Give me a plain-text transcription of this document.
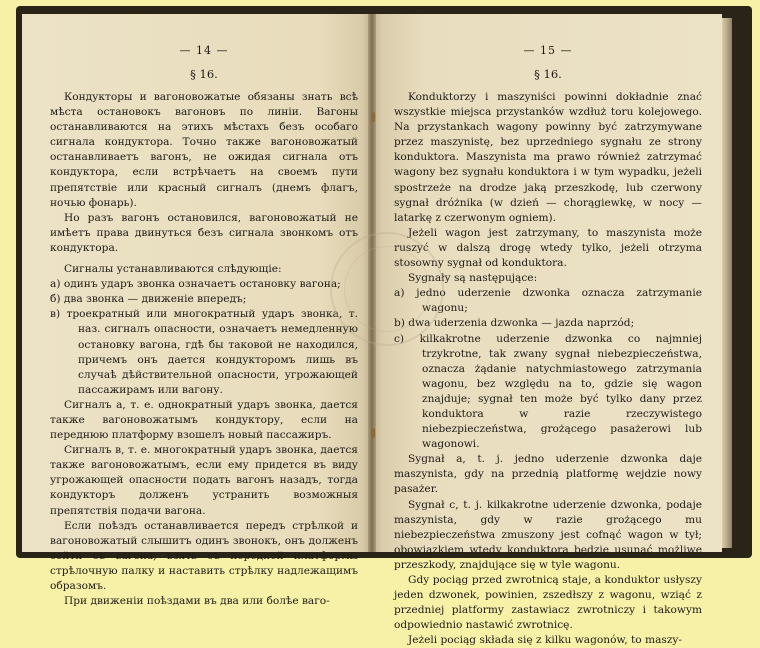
— 14 —
§ 16.

Кондукторы и вагоновожатые обязаны знать всѣ мѣста остановокъ вагоновъ по линіи. Вагоны останавливаются на этихъ мѣстахъ безъ особаго сигнала кондуктора. Точно также вагоновожатый останавливаетъ вагонъ, не ожидая сигнала отъ кондуктора, если встрѣчаетъ на своемъ пути препятствіе или красный сигналъ (днемъ флагъ, ночью фонарь).

Но разъ вагонъ остановился, вагоновожатый не имѣетъ права двинуться безъ сигнала звонкомъ отъ кондуктора.

Сигналы устанавливаются слѣдующіе:

а) одинъ ударъ звонка означаетъ остановку вагона;

б) два звонка — движеніе впередъ;

в) троекратный или многократный ударъ звонка, т. наз. сигналъ опасности, означаетъ немедленную остановку вагона, гдѣ бы таковой не находился, причемъ онъ дается кондукторомъ лишь въ случаѣ дѣйствительной опасности, угрожающей пассажирамъ или вагону.

Сигналъ а, т. е. однократный ударъ звонка, дается также вагоновожатымъ кондуктору, если на переднюю платформу взошелъ новый пассажиръ.

Сигналъ в, т. е. многократный ударъ звонка, дается также вагоновожатымъ, если ему придется въ виду угрожающей опасности подать вагонъ назадъ, тогда кондукторъ долженъ устранить возможныя препятствія подачи вагона.

Если поѣздъ останавливается передъ стрѣлкой и вагоновожатый слышитъ одинъ звонокъ, онъ долженъ сойти съ вагона, взять съ передней платформы стрѣлочную палку и наставить стрѣлку надлежащимъ образомъ.

При движеніи поѣздами въ два или болѣе ваго-

— 15 —
§ 16.

Konduktorzy i maszyniści powinni dokładnie znać wszystkie miejsca przystanków wzdłuż toru kolejowego. Na przystankach wagony powinny być zatrzymywane przez maszynistę, bez uprzedniego sygnału ze strony konduktora. Maszynista ma prawo również zatrzymać wagony bez sygnału konduktora i w tym wypadku, jeżeli spostrzeże na drodze jaką przeszkodę, lub czerwony sygnał dróżnika (w dzień — chorągiewkę, w nocy — latarkę z czerwonym ogniem).

Jeżeli wagon jest zatrzymany, to maszynista może ruszyć w dalszą drogę wtedy tylko, jeżeli otrzyma stosowny sygnał od konduktora.

Sygnały są następujące:

a) jedno uderzenie dzwonka oznacza zatrzymanie wagonu;

b) dwa uderzenia dzwonka — jazda naprzód;

c) kilkakrotne uderzenie dzwonka co najmniej trzykrotne, tak zwany sygnał niebezpieczeństwa, oznacza żądanie natychmiastowego zatrzymania wagonu, bez względu na to, gdzie się wagon znajduje; sygnał ten może być tylko dany przez konduktora w razie rzeczywistego niebezpieczeństwa, grożącego pasażerowi lub wagonowi.

Sygnał a, t. j. jedno uderzenie dzwonka daje maszynista, gdy na przednią platformę wejdzie nowy pasażer.

Sygnał c, t. j. kilkakrotne uderzenie dzwonka, podaje maszynista, gdy w razie grożącego mu niebezpieczeństwa zmuszony jest cofnąć wagon w tył; obowiązkiem wtedy konduktora będzie usunąć możliwe przeszkody, znajdujące się w tyle wagonu.

Gdy pociąg przed zwrotnicą staje, a konduktor usłyszy jeden dzwonek, powinien, zszedłszy z wagonu, wziąć z przedniej platformy zastawiacz zwrotniczy i takowym odpowiednio nastawić zwrotnicę.

Jeżeli pociąg składa się z kilku wagonów, to maszy-
